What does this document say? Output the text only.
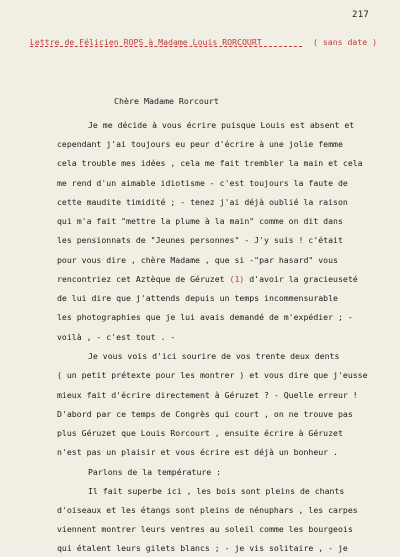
217
Lettre de Félicien ROPS à Madame Louis RORCOURT	( sans date )
Chère Madame Rorcourt
Je me décide à vous écrire puisque Louis est absent et
cependant j'ai toujours eu peur d'écrire à une jolie femme
cela trouble mes idées , cela me fait trembler la main et cela
me rend d'un aimable idiotisme - c'est toujours la faute de
cette maudite timidité ; - tenez j'ai déjà oublié la raison
qui m'a fait "mettre la plume à la main" comme on dit dans
les pensionnats de "Jeunes personnes" - J'y suis ! c'était
pour vous dire , chère Madame , que si -"par hasard" vous
rencontriez cet Aztèque de Géruzet (1) d'avoir la gracieuseté
de lui dire que j'attends depuis un temps incommensurable
les photographies que je lui avais demandé de m'expédier ; -
voilà , - c'est tout . -
Je vous vois d'ici sourire de vos trente deux dents
( un petit prétexte pour les montrer ) et vous dire que j'eusse
mieux fait d'écrire directement à Géruzet ? - Quelle erreur !
D'abord par ce temps de Congrès qui court , on ne trouve pas
plus Géruzet que Louis Rorcourt , ensuite écrire à Géruzet
n'est pas un plaisir et vous écrire est déjà un bonheur .
Parlons de la température :
Il fait superbe ici , les bois sont pleins de chants
d'oiseaux et les étangs sont pleins de nénuphars , les carpes
viennent montrer leurs ventres au soleil comme les bourgeois
qui étalent leurs gilets blancs ; - je vis solitaire , - je
